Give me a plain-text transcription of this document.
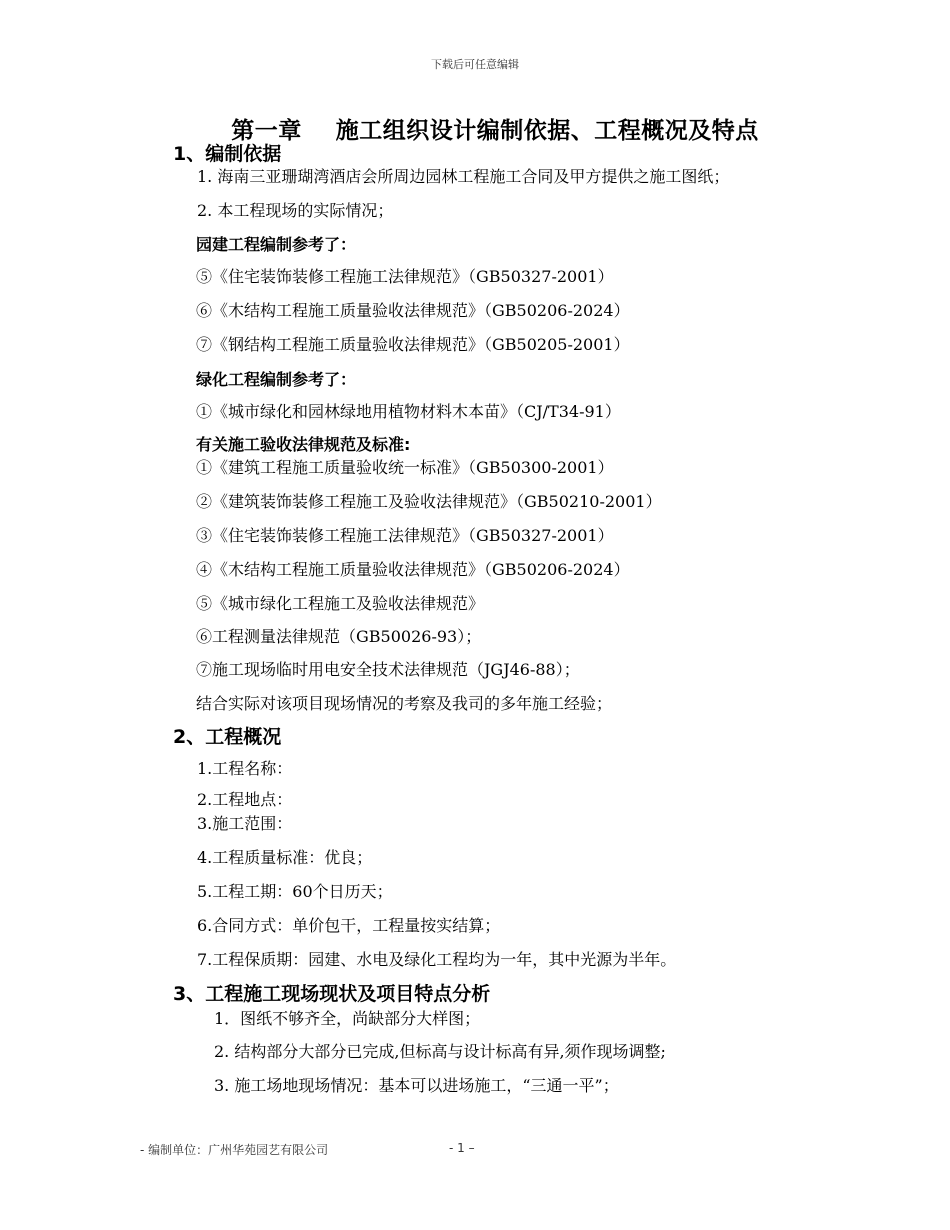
下载后可任意编辑
第一章    施工组织设计编制依据、工程概况及特点
1、编制依据
1. 海南三亚珊瑚湾酒店会所周边园林工程施工合同及甲方提供之施工图纸；
2. 本工程现场的实际情况；
园建工程编制参考了：
⑤《住宅装饰装修工程施工法律规范》（GB50327-2001）
⑥《木结构工程施工质量验收法律规范》（GB50206-2024）
⑦《钢结构工程施工质量验收法律规范》（GB50205-2001）
绿化工程编制参考了：
①《城市绿化和园林绿地用植物材料木本苗》（CJ/T34-91）
有关施工验收法律规范及标准:
①《建筑工程施工质量验收统一标准》（GB50300-2001）
②《建筑装饰装修工程施工及验收法律规范》（GB50210-2001）
③《住宅装饰装修工程施工法律规范》（GB50327-2001）
④《木结构工程施工质量验收法律规范》（GB50206-2024）
⑤《城市绿化工程施工及验收法律规范》
⑥工程测量法律规范（GB50026-93）；
⑦施工现场临时用电安全技术法律规范（JGJ46-88）；
结合实际对该项目现场情况的考察及我司的多年施工经验；
2、工程概况
1.工程名称：
2.工程地点：
3.施工范围：
4.工程质量标准：优良；
5.工程工期：60个日历天；
6.合同方式：单价包干，工程量按实结算；
7.工程保质期：园建、水电及绿化工程均为一年，其中光源为半年。
3、工程施工现场现状及项目特点分析
1．图纸不够齐全，尚缺部分大样图；
2. 结构部分大部分已完成,但标高与设计标高有异,须作现场调整;
3. 施工场地现场情况：基本可以进场施工，“三通一平”；
- 编制单位：广州华苑园艺有限公司	- 1 –
